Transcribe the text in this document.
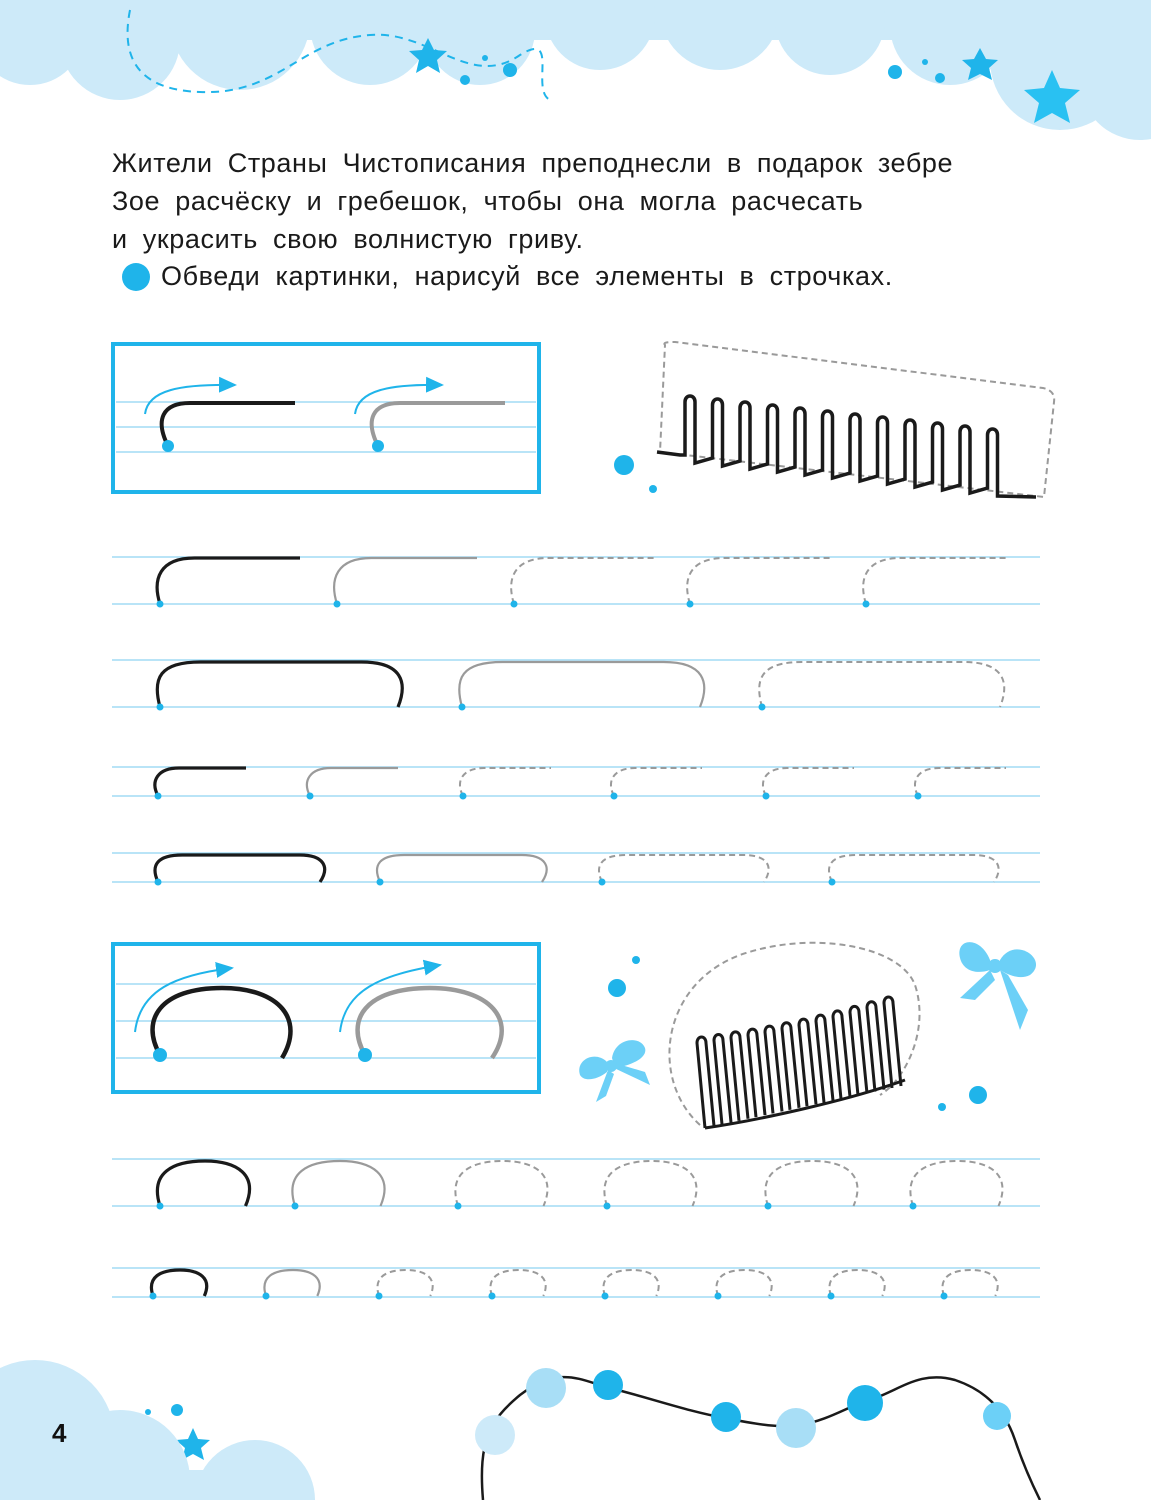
Жители Страны Чистописания преподнесли в подарок зебре
Зое расчёску и гребешок, чтобы она могла расчесать
и украсить свою волнистую гриву.
Обведи картинки, нарисуй все элементы в строчках.
4
